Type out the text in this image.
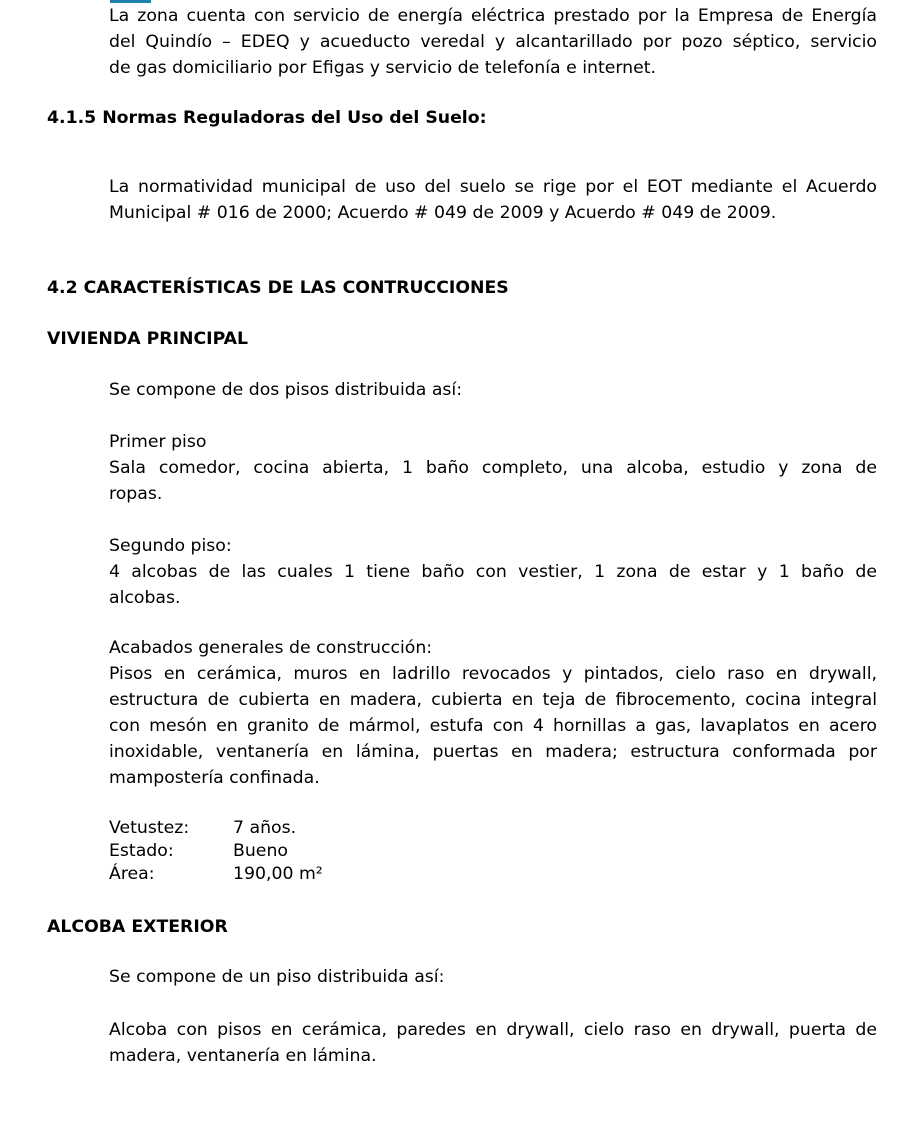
La zona cuenta con servicio de energía eléctrica prestado por la Empresa de Energía
del Quindío – EDEQ y acueducto veredal y alcantarillado por pozo séptico, servicio
de gas domiciliario por Efigas y servicio de telefonía e internet.
4.1.5 Normas Reguladoras del Uso del Suelo:
La normatividad municipal de uso del suelo se rige por el EOT mediante el Acuerdo
Municipal # 016 de 2000; Acuerdo # 049 de 2009 y Acuerdo # 049 de 2009.
4.2 CARACTERÍSTICAS DE LAS CONTRUCCIONES
VIVIENDA PRINCIPAL
Se compone de dos pisos distribuida así:
Primer piso
Sala comedor, cocina abierta, 1 baño completo, una alcoba, estudio y zona de
ropas.
Segundo piso:
4 alcobas de las cuales 1 tiene baño con vestier, 1 zona de estar y 1 baño de
alcobas.
Acabados generales de construcción:
Pisos en cerámica, muros en ladrillo revocados y pintados, cielo raso en drywall,
estructura de cubierta en madera, cubierta en teja de fibrocemento, cocina integral
con mesón en granito de mármol, estufa con 4 hornillas a gas, lavaplatos en acero
inoxidable, ventanería en lámina, puertas en madera; estructura conformada por
mampostería confinada.
Vetustez:	7 años.
Estado:	Bueno
Área:	190,00 m²
ALCOBA EXTERIOR
Se compone de un piso distribuida así:
Alcoba con pisos en cerámica, paredes en drywall, cielo raso en drywall, puerta de
madera, ventanería en lámina.
